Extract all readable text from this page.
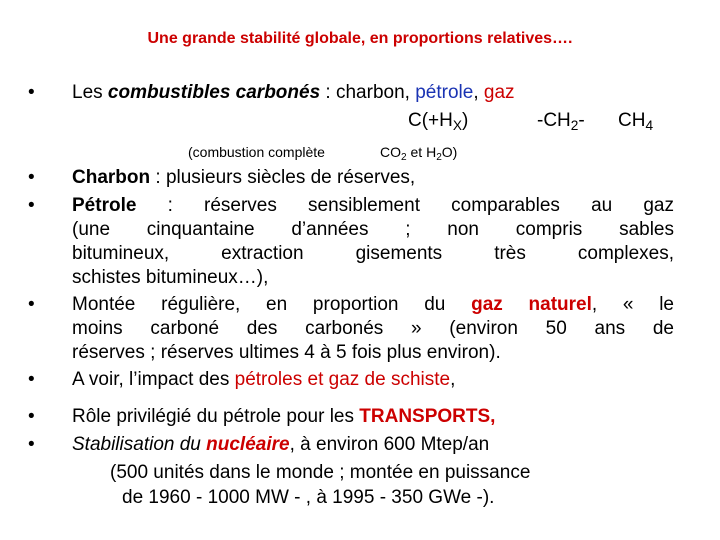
Une grande stabilité globale, en proportions relatives….
• Les combustibles carbonés : charbon, pétrole, gaz
$C(+H_X)$	$-CH_2-$ $CH_4$
(combustion complète	$CO_2$ et $H_2O$)
• Charbon : plusieurs siècles de réserves,
• Pétrole : réserves sensiblement comparables au gaz
(une cinquantaine d’années ; non compris sables
bitumineux, extraction gisements très complexes,
schistes bitumineux…),
• Montée régulière, en proportion du gaz naturel, « le
moins carboné des carbonés » (environ 50 ans de
réserves ; réserves ultimes 4 à 5 fois plus environ).
• A voir, l’impact des pétroles et gaz de schiste,
• Rôle privilégié du pétrole pour les TRANSPORTS,
• Stabilisation du nucléaire, à environ 600 Mtep/an
(500 unités dans le monde ; montée en puissance
de 1960 - 1000 MW - , à 1995 - 350 GWe -).
